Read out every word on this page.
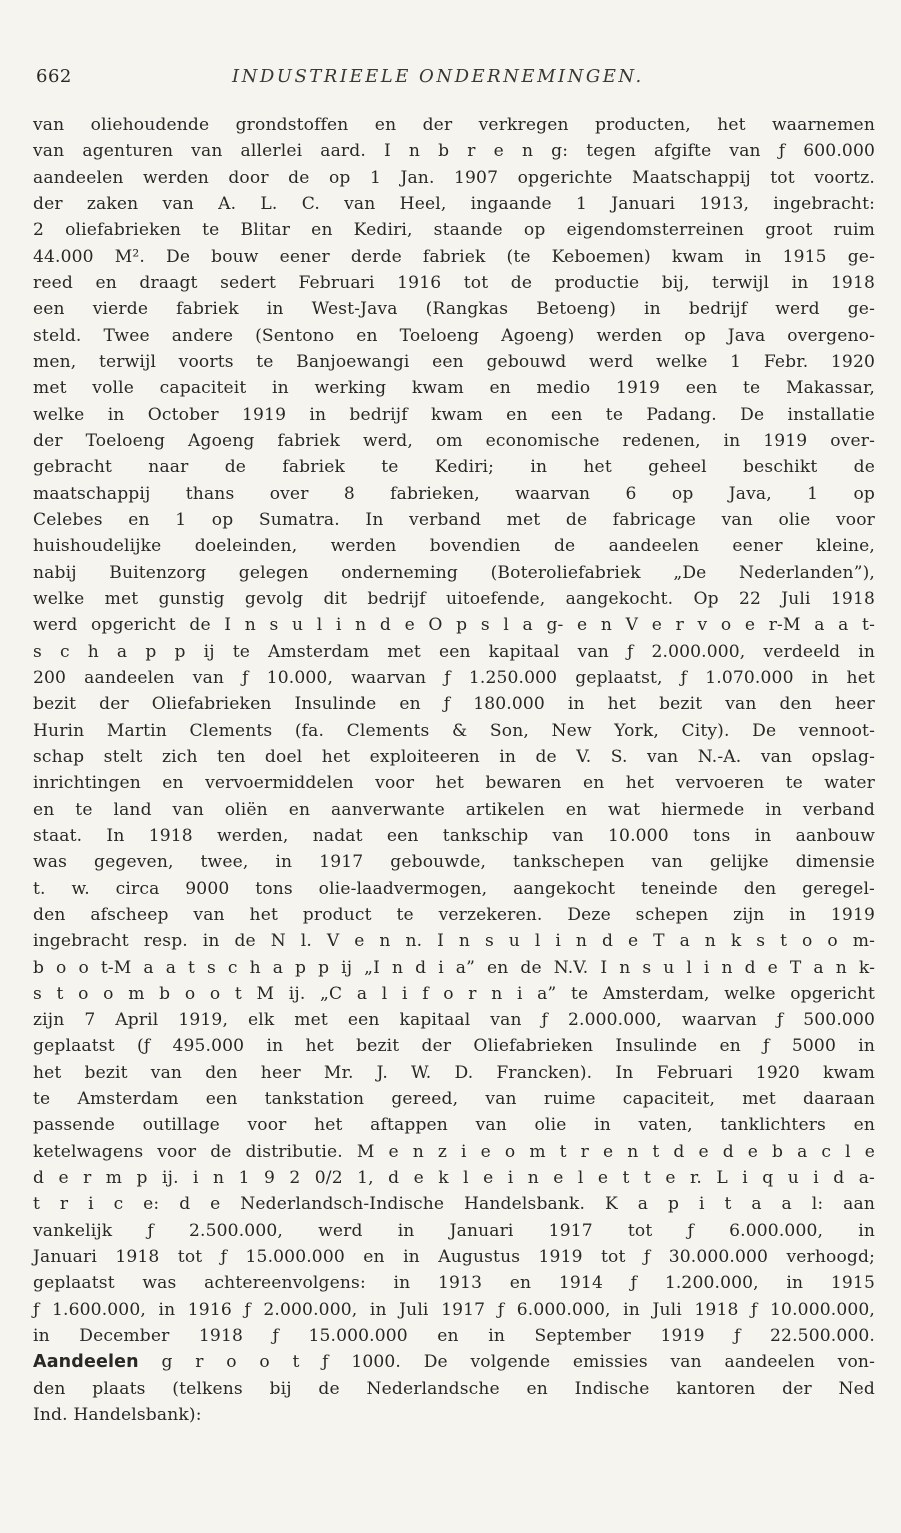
662	INDUSTRIEELE ONDERNEMINGEN.
van oliehoudende grondstoffen en der verkregen producten, het waarnemen
van agenturen van allerlei aard. I n b r e n g: tegen afgifte van ƒ 600.000
aandeelen werden door de op 1 Jan. 1907 opgerichte Maatschappij tot voortz.
der zaken van A. L. C. van Heel, ingaande 1 Januari 1913, ingebracht:
2 oliefabrieken te Blitar en Kediri, staande op eigendomsterreinen groot ruim
44.000 M². De bouw eener derde fabriek (te Keboemen) kwam in 1915 ge-
reed en draagt sedert Februari 1916 tot de productie bij, terwijl in 1918
een vierde fabriek in West-Java (Rangkas Betoeng) in bedrijf werd ge-
steld. Twee andere (Sentono en Toeloeng Agoeng) werden op Java overgeno-
men, terwijl voorts te Banjoewangi een gebouwd werd welke 1 Febr. 1920
met volle capaciteit in werking kwam en medio 1919 een te Makassar,
welke in October 1919 in bedrijf kwam en een te Padang. De installatie
der Toeloeng Agoeng fabriek werd, om economische redenen, in 1919 over-
gebracht naar de fabriek te Kediri; in het geheel beschikt de
maatschappij thans over 8 fabrieken, waarvan 6 op Java, 1 op
Celebes en 1 op Sumatra. In verband met de fabricage van olie voor
huishoudelijke doeleinden, werden bovendien de aandeelen eener kleine,
nabij Buitenzorg gelegen onderneming (Boteroliefabriek „De Nederlanden”),
welke met gunstig gevolg dit bedrijf uitoefende, aangekocht. Op 22 Juli 1918
werd opgericht de I n s u l i n d e O p s l a g- e n V e r v o e r-M a a t-
s c h a p p ij te Amsterdam met een kapitaal van ƒ 2.000.000, verdeeld in
200 aandeelen van ƒ 10.000, waarvan ƒ 1.250.000 geplaatst, ƒ 1.070.000 in het
bezit der Oliefabrieken Insulinde en ƒ 180.000 in het bezit van den heer
Hurin Martin Clements (fa. Clements & Son, New York, City). De vennoot-
schap stelt zich ten doel het exploiteeren in de V. S. van N.-A. van opslag-
inrichtingen en vervoermiddelen voor het bewaren en het vervoeren te water
en te land van oliën en aanverwante artikelen en wat hiermede in verband
staat. In 1918 werden, nadat een tankschip van 10.000 tons in aanbouw
was gegeven, twee, in 1917 gebouwde, tankschepen van gelijke dimensie
t. w. circa 9000 tons olie-laadvermogen, aangekocht teneinde den geregel-
den afscheep van het product te verzekeren. Deze schepen zijn in 1919
ingebracht resp. in de N l. V e n n. I n s u l i n d e T a n k s t o o m-
b o o t-M a a t s c h a p p ij „I n d i a” en de N.V. I n s u l i n d e T a n k-
s t o o m b o o t M ij. „C a l i f o r n i a” te Amsterdam, welke opgericht
zijn 7 April 1919, elk met een kapitaal van ƒ 2.000.000, waarvan ƒ 500.000
geplaatst (ƒ 495.000 in het bezit der Oliefabrieken Insulinde en ƒ 5000 in
het bezit van den heer Mr. J. W. D. Francken). In Februari 1920 kwam
te Amsterdam een tankstation gereed, van ruime capaciteit, met daaraan
passende outillage voor het aftappen van olie in vaten, tanklichters en
ketelwagens voor de distributie. M e n z i e o m t r e n t d e d e b a c l e
d e r m p ij. i n 1 9 2 0/2 1, d e k l e i n e l e t t e r. L i q u i d a-
t r i c e: d e Nederlandsch-Indische Handelsbank. K a p i t a a l: aan
vankelijk ƒ 2.500.000, werd in Januari 1917 tot ƒ 6.000.000, in
Januari 1918 tot ƒ 15.000.000 en in Augustus 1919 tot ƒ 30.000.000 verhoogd;
geplaatst was achtereenvolgens: in 1913 en 1914 ƒ 1.200.000, in 1915
ƒ 1.600.000, in 1916 ƒ 2.000.000, in Juli 1917 ƒ 6.000.000, in Juli 1918 ƒ 10.000.000,
in December 1918 ƒ 15.000.000 en in September 1919 ƒ 22.500.000.
Aandeelen g r o o t ƒ 1000. De volgende emissies van aandeelen von-
den plaats (telkens bij de Nederlandsche en Indische kantoren der Ned
Ind. Handelsbank):
